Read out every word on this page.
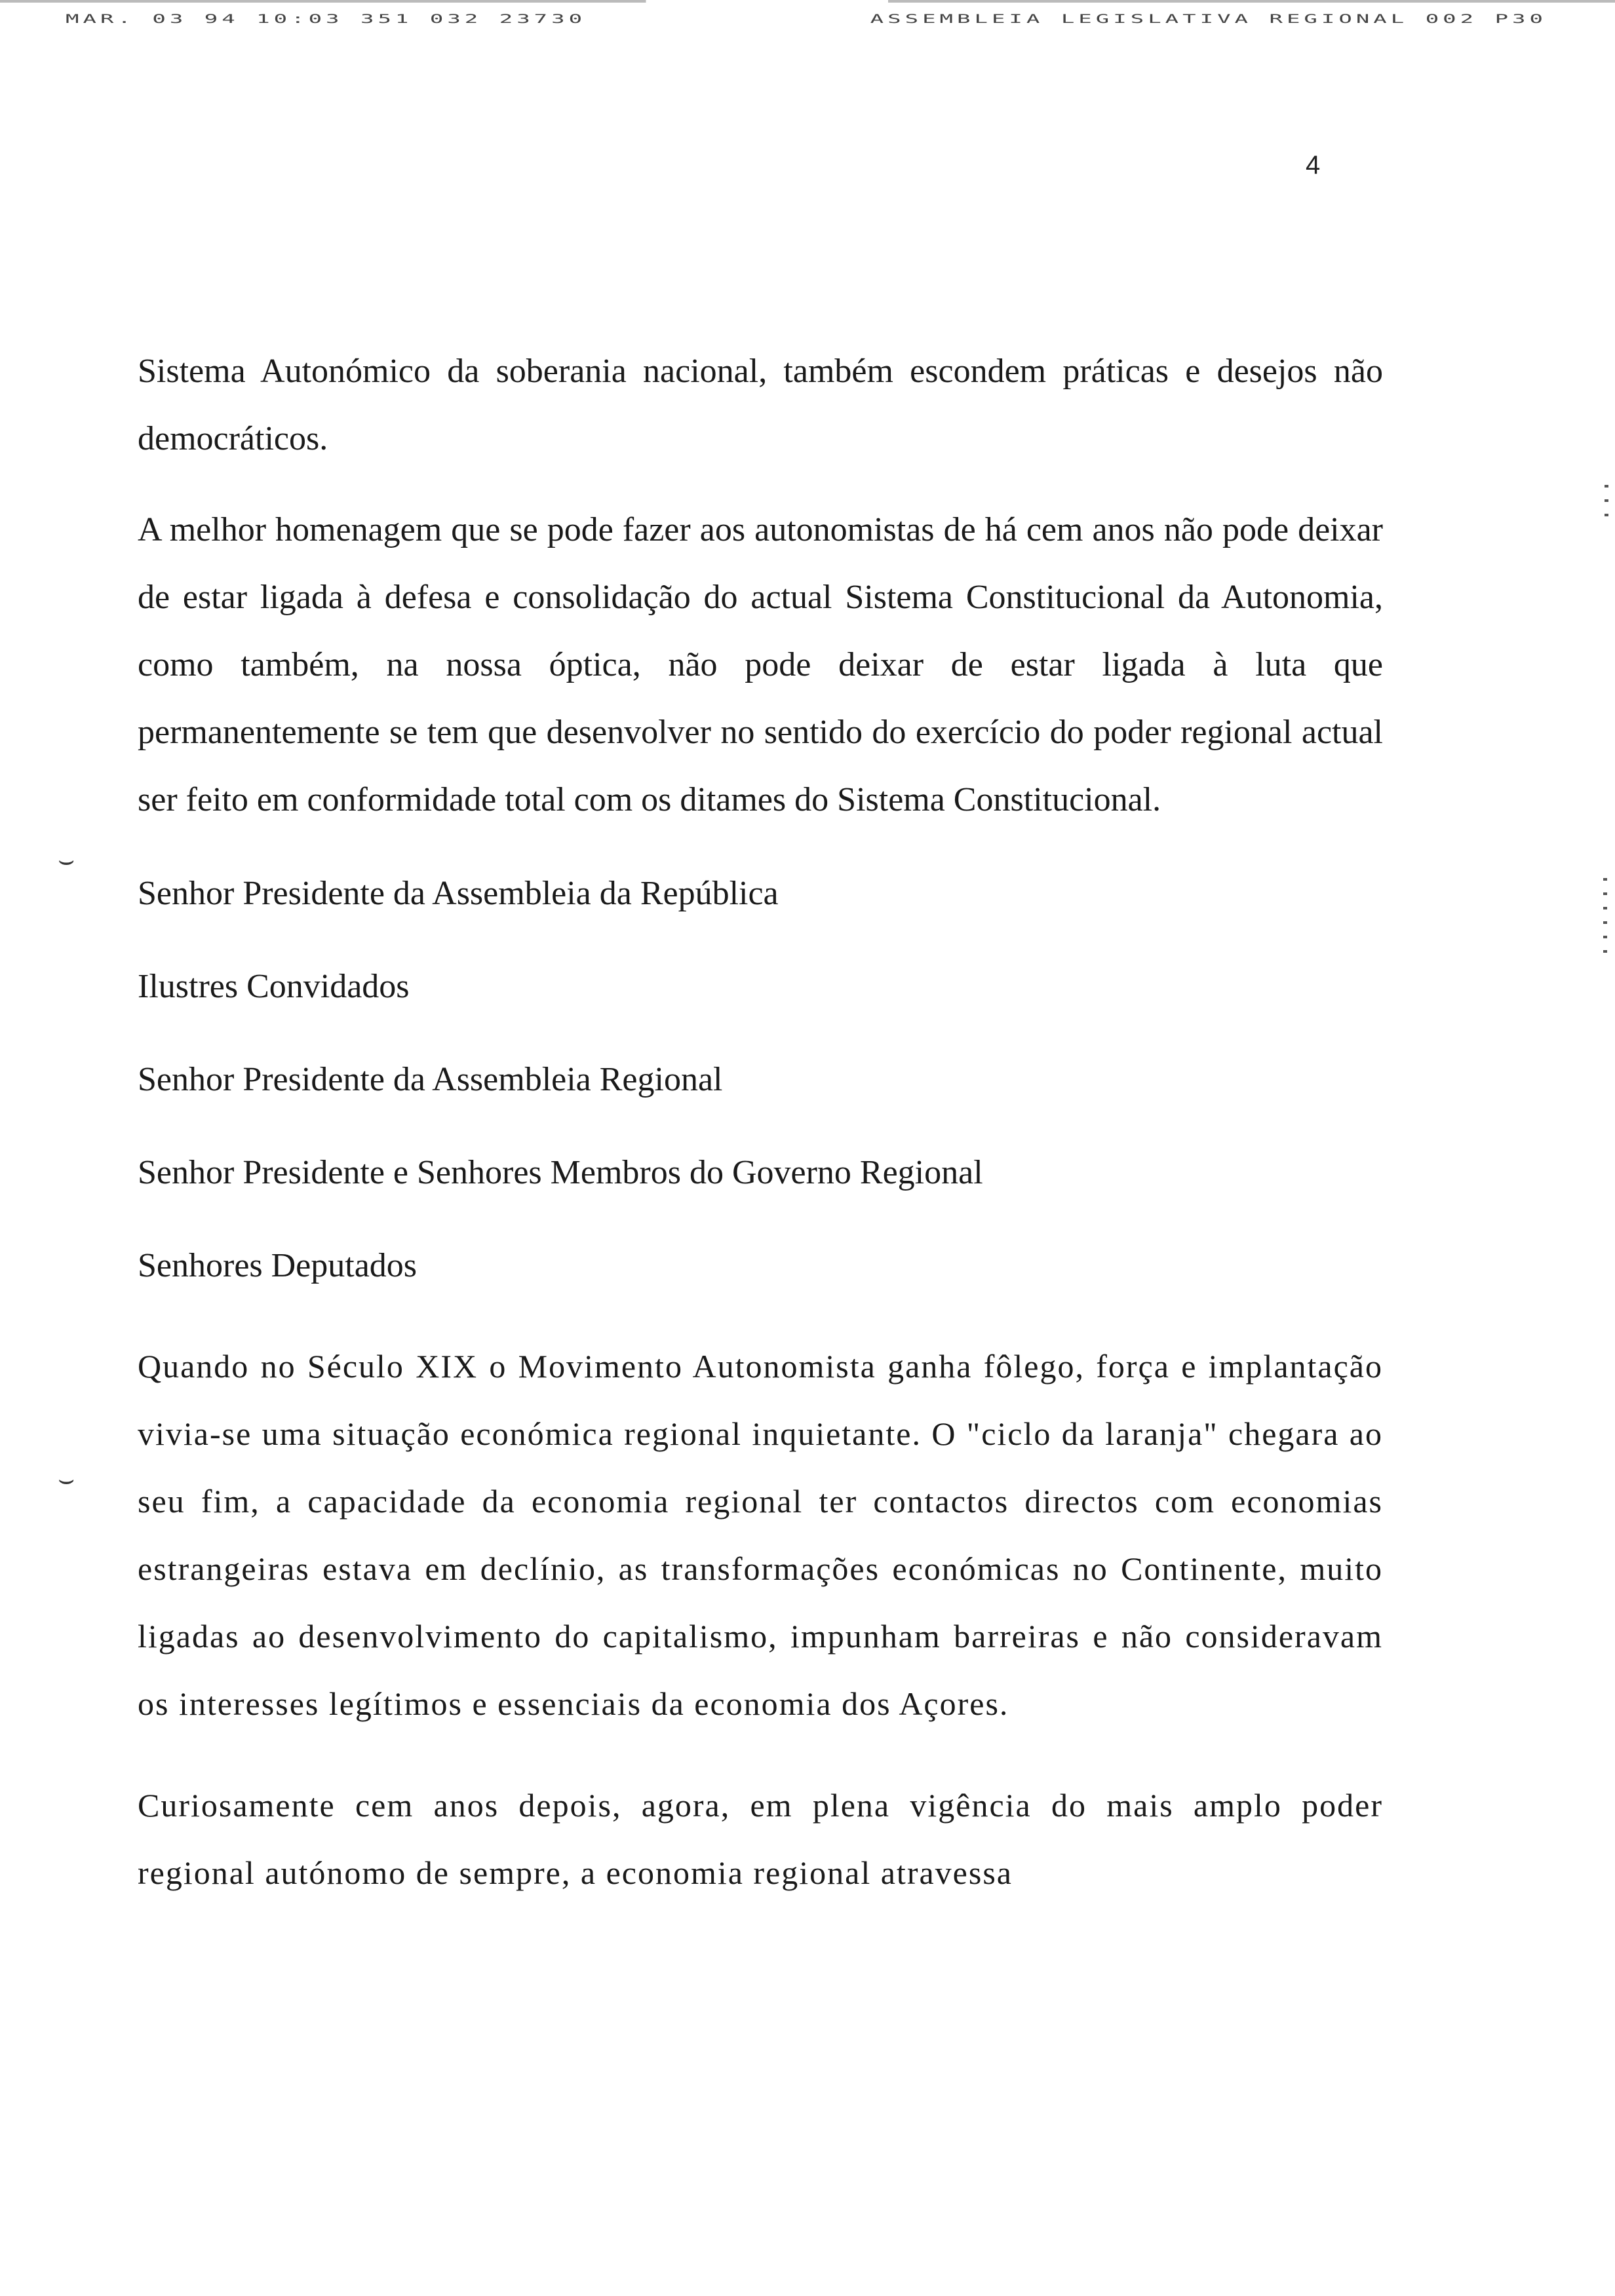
MAR. 03 94 10:03 351 032 23730	ASSEMBLEIA LEGISLATIVA REGIONAL 002 P30
4
⌣
⌣

Sistema Autonómico da soberania nacional, também escondem práticas e desejos não democráticos.

A melhor homenagem que se pode fazer aos autonomistas de há cem anos não pode deixar de estar ligada à defesa e consolidação do actual Sistema Constitucional da Autonomia, como também, na nossa óptica, não pode deixar de estar ligada à luta que permanentemente se tem que desenvolver no sentido do exercício do poder regional actual ser feito em conformidade total com os ditames do Sistema Constitucional.

Senhor Presidente da Assembleia da República
Ilustres Convidados
Senhor Presidente da Assembleia Regional
Senhor Presidente e Senhores Membros do Governo Regional
Senhores Deputados

Quando no Século XIX o Movimento Autonomista ganha fôlego, força e implantação vivia-se uma situação económica regional inquietante. O "ciclo da laranja" chegara ao seu fim, a capacidade da economia regional ter contactos directos com economias estrangeiras estava em declínio, as transformações económicas no Continente, muito ligadas ao desenvolvimento do capitalismo, impunham barreiras e não consideravam os interesses legítimos e essenciais da economia dos Açores.

Curiosamente cem anos depois, agora, em plena vigência do mais amplo poder regional autónomo de sempre, a economia regional atravessa
